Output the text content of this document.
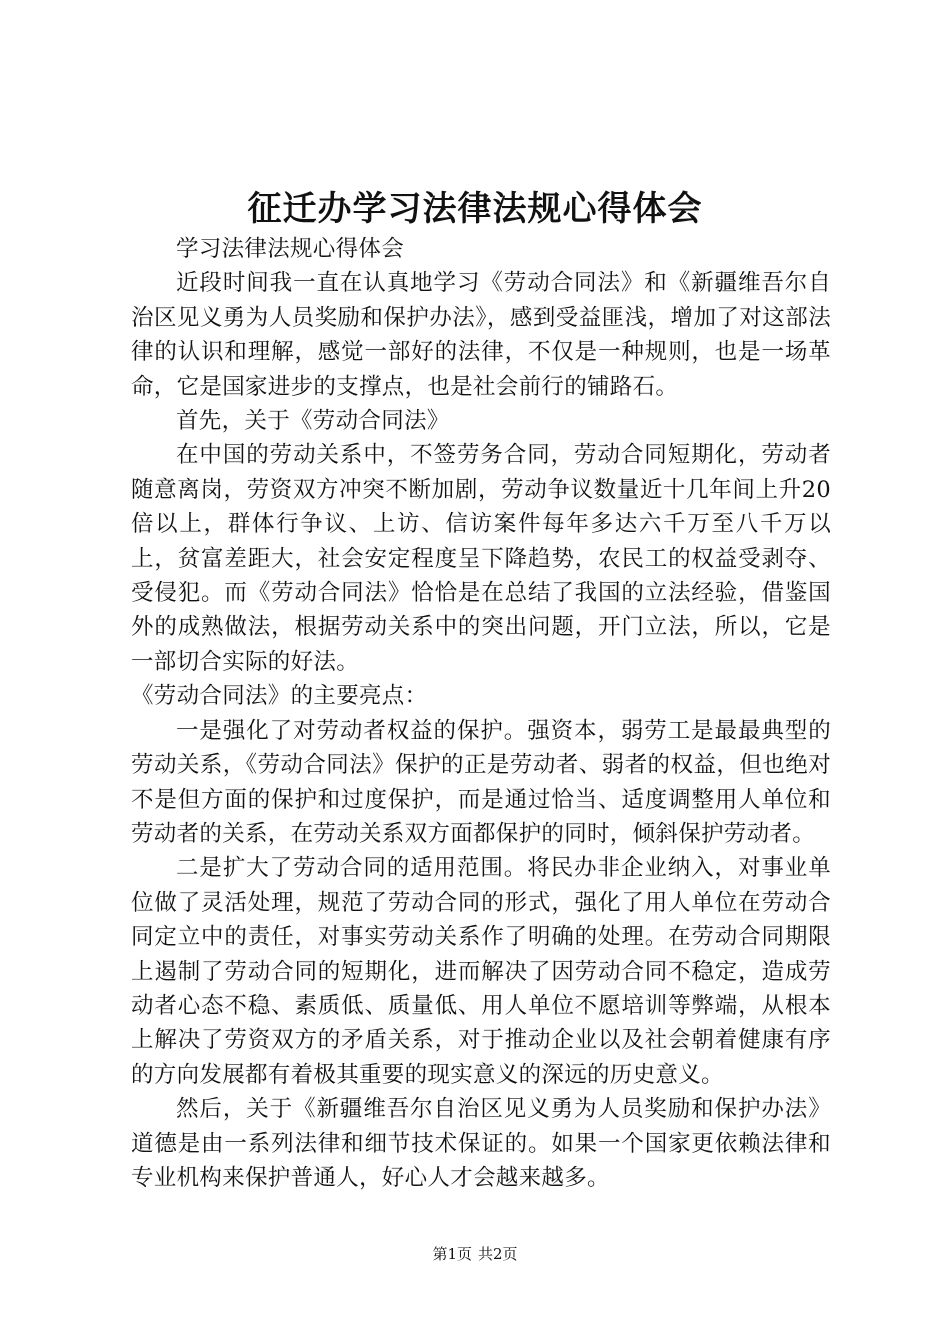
征迁办学习法律法规心得体会

学习法律法规心得体会

近段时间我一直在认真地学习《劳动合同法》和《新疆维吾尔自治区见义勇为人员奖励和保护办法》，感到受益匪浅，增加了对这部法律的认识和理解，感觉一部好的法律，不仅是一种规则，也是一场革命，它是国家进步的支撑点，也是社会前行的铺路石。

首先，关于《劳动合同法》

在中国的劳动关系中，不签劳务合同，劳动合同短期化，劳动者随意离岗，劳资双方冲突不断加剧，劳动争议数量近十几年间上升20倍以上，群体行争议、上访、信访案件每年多达六千万至八千万以上，贫富差距大，社会安定程度呈下降趋势，农民工的权益受剥夺、受侵犯。而《劳动合同法》恰恰是在总结了我国的立法经验，借鉴国外的成熟做法，根据劳动关系中的突出问题，开门立法，所以，它是一部切合实际的好法。

《劳动合同法》的主要亮点：

一是强化了对劳动者权益的保护。强资本，弱劳工是最最典型的劳动关系，《劳动合同法》保护的正是劳动者、弱者的权益，但也绝对不是但方面的保护和过度保护，而是通过恰当、适度调整用人单位和劳动者的关系，在劳动关系双方面都保护的同时，倾斜保护劳动者。

二是扩大了劳动合同的适用范围。将民办非企业纳入，对事业单位做了灵活处理，规范了劳动合同的形式，强化了用人单位在劳动合同定立中的责任，对事实劳动关系作了明确的处理。在劳动合同期限上遏制了劳动合同的短期化，进而解决了因劳动合同不稳定，造成劳动者心态不稳、素质低、质量低、用人单位不愿培训等弊端，从根本上解决了劳资双方的矛盾关系，对于推动企业以及社会朝着健康有序的方向发展都有着极其重要的现实意义的深远的历史意义。

然后，关于《新疆维吾尔自治区见义勇为人员奖励和保护办法》道德是由一系列法律和细节技术保证的。如果一个国家更依赖法律和专业机构来保护普通人，好心人才会越来越多。

第1页 共2页
